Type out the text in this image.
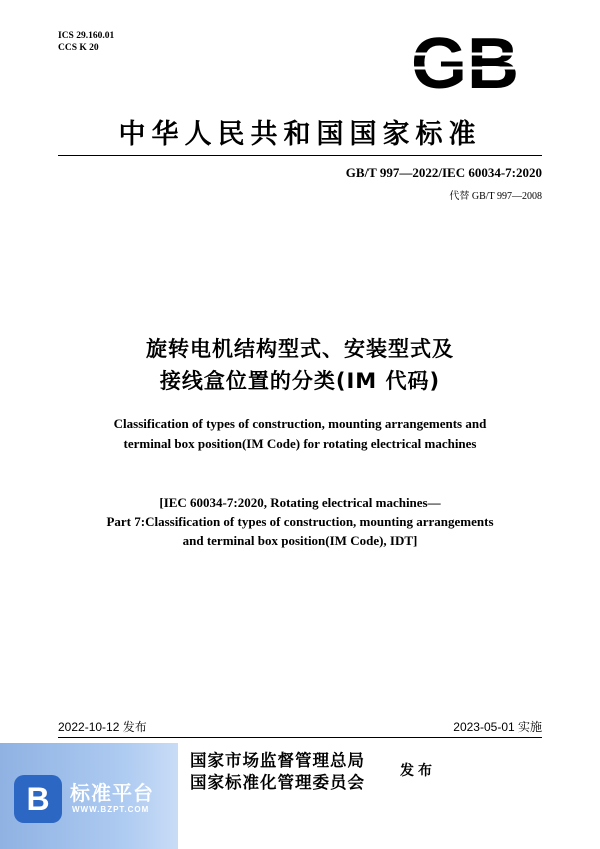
ICS 29.160.01
CCS K 20	GB
中华人民共和国国家标准
GB/T 997—2022/IEC 60034-7:2020
代替 GB/T 997—2008
旋转电机结构型式、安装型式及
接线盒位置的分类(IM 代码)
Classification of types of construction, mounting arrangements and
terminal box position(IM Code) for rotating electrical machines
[IEC 60034-7:2020, Rotating electrical machines—
Part 7:Classification of types of construction, mounting arrangements
and terminal box position(IM Code), IDT]
2022-10-12 发布	2023-05-01 实施
B	标准平台
WWW.BZPT.COM
国家市场监督管理总局
国家标准化管理委员会
发布
